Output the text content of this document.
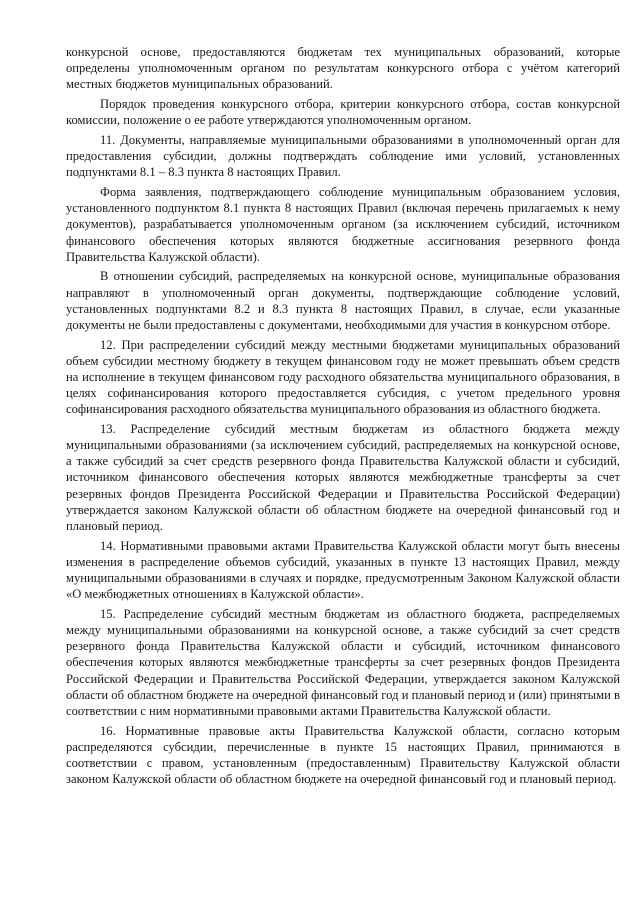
конкурсной основе, предоставляются бюджетам тех муниципальных образований, которые определены уполномоченным органом по результатам конкурсного отбора с учётом категорий местных бюджетов муниципальных образований.

Порядок проведения конкурсного отбора, критерии конкурсного отбора, состав конкурсной комиссии, положение о ее работе утверждаются уполномоченным органом.

11. Документы, направляемые муниципальными образованиями в уполномоченный орган для предоставления субсидии, должны подтверждать соблюдение ими условий, установленных подпунктами 8.1 – 8.3 пункта 8 настоящих Правил.

Форма заявления, подтверждающего соблюдение муниципальным образованием условия, установленного подпунктом 8.1 пункта 8 настоящих Правил (включая перечень прилагаемых к нему документов), разрабатывается уполномоченным органом (за исключением субсидий, источником финансового обеспечения которых являются бюджетные ассигнования резервного фонда Правительства Калужской области).

В отношении субсидий, распределяемых на конкурсной основе, муниципальные образования направляют в уполномоченный орган документы, подтверждающие соблюдение условий, установленных подпунктами 8.2 и 8.3 пункта 8 настоящих Правил, в случае, если указанные документы не были предоставлены с документами, необходимыми для участия в конкурсном отборе.

12. При распределении субсидий между местными бюджетами муниципальных образований объем субсидии местному бюджету в текущем финансовом году не может превышать объем средств на исполнение в текущем финансовом году расходного обязательства муниципального образования, в целях софинансирования которого предоставляется субсидия, с учетом предельного уровня софинансирования расходного обязательства муниципального образования из областного бюджета.

13. Распределение субсидий местным бюджетам из областного бюджета между муниципальными образованиями (за исключением субсидий, распределяемых на конкурсной основе, а также субсидий за счет средств резервного фонда Правительства Калужской области и субсидий, источником финансового обеспечения которых являются межбюджетные трансферты за счет резервных фондов Президента Российской Федерации и Правительства Российской Федерации) утверждается законом Калужской области об областном бюджете на очередной финансовый год и плановый период.

14. Нормативными правовыми актами Правительства Калужской области могут быть внесены изменения в распределение объемов субсидий, указанных в пункте 13 настоящих Правил, между муниципальными образованиями в случаях и порядке, предусмотренным Законом Калужской области «О межбюджетных отношениях в Калужской области».

15. Распределение субсидий местным бюджетам из областного бюджета, распределяемых между муниципальными образованиями на конкурсной основе, а также субсидий за счет средств резервного фонда Правительства Калужской области и субсидий, источником финансового обеспечения которых являются межбюджетные трансферты за счет резервных фондов Президента Российской Федерации и Правительства Российской Федерации, утверждается законом Калужской области об областном бюджете на очередной финансовый год и плановый период и (или) принятыми в соответствии с ним нормативными правовыми актами Правительства Калужской области.

16. Нормативные правовые акты Правительства Калужской области, согласно которым распределяются субсидии, перечисленные в пункте 15 настоящих Правил, принимаются в соответствии с правом, установленным (предоставленным) Правительству Калужской области законом Калужской области об областном бюджете на очередной финансовый год и плановый период.
